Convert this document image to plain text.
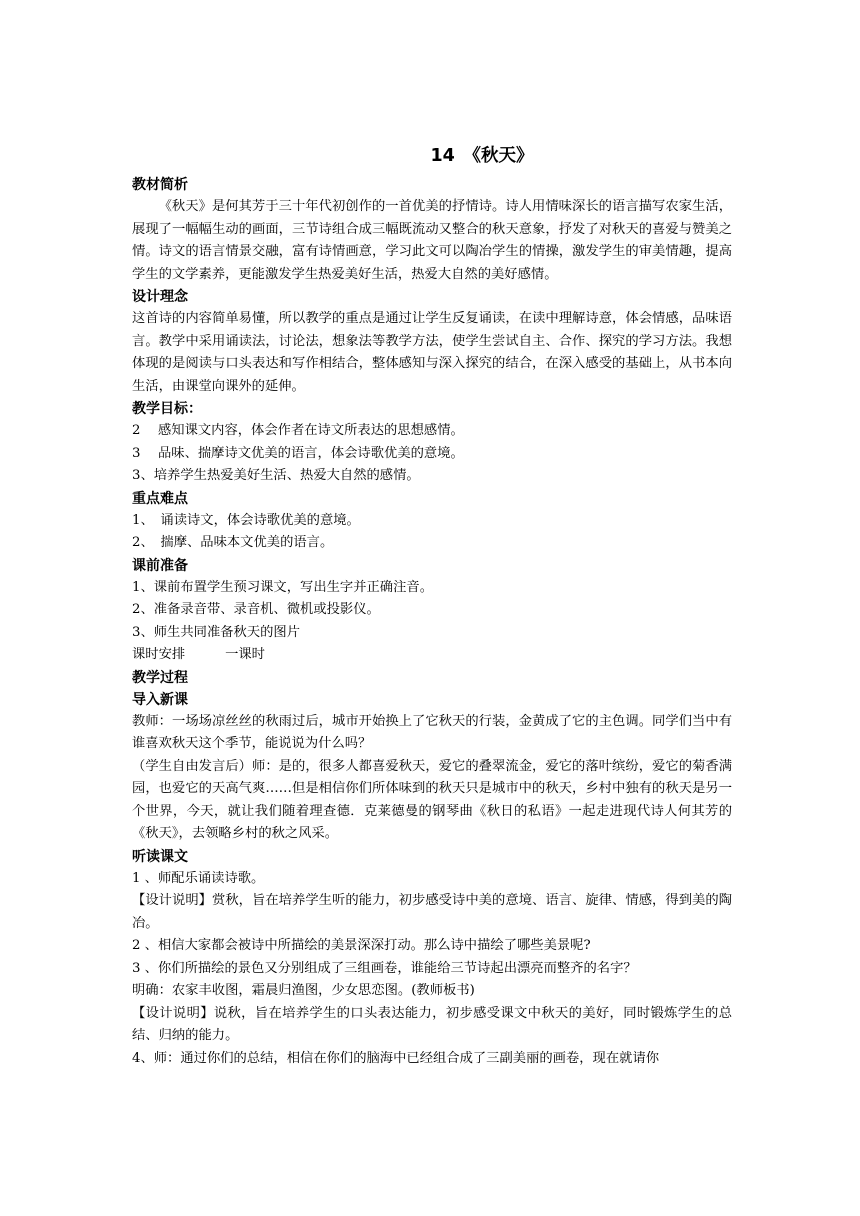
14　《秋天》
教材简析
《秋天》是何其芳于三十年代初创作的一首优美的抒情诗。诗人用情味深长的语言描写农家生活，展现了一幅幅生动的画面，三节诗组合成三幅既流动又整合的秋天意象，抒发了对秋天的喜爱与赞美之情。诗文的语言情景交融，富有诗情画意，学习此文可以陶冶学生的情操，激发学生的审美情趣，提高学生的文学素养，更能激发学生热爱美好生活，热爱大自然的美好感情。
设计理念
这首诗的内容简单易懂，所以教学的重点是通过让学生反复诵读，在读中理解诗意，体会情感，品味语言。教学中采用诵读法，讨论法，想象法等教学方法，使学生尝试自主、合作、探究的学习方法。我想体现的是阅读与口头表达和写作相结合，整体感知与深入探究的结合，在深入感受的基础上，从书本向生活，由课堂向课外的延伸。
教学目标：
2　 感知课文内容，体会作者在诗文所表达的思想感情。
3　 品味、揣摩诗文优美的语言，体会诗歌优美的意境。
3、培养学生热爱美好生活、热爱大自然的感情。
重点难点
1、　诵读诗文，体会诗歌优美的意境。
2、　揣摩、品味本文优美的语言。
课前准备
1、课前布置学生预习课文，写出生字并正确注音。
2、准备录音带、录音机、微机或投影仪。
3、师生共同准备秋天的图片
课时安排　　　一课时
教学过程
导入新课
教师：一场场凉丝丝的秋雨过后，城市开始换上了它秋天的行装，金黄成了它的主色调。同学们当中有谁喜欢秋天这个季节，能说说为什么吗？
（学生自由发言后）师：是的，很多人都喜爱秋天，爱它的叠翠流金，爱它的落叶缤纷，爱它的菊香满园，也爱它的天高气爽……但是相信你们所体味到的秋天只是城市中的秋天，乡村中独有的秋天是另一个世界，今天，就让我们随着理查德．克莱德曼的钢琴曲《秋日的私语》一起走进现代诗人何其芳的《秋天》，去领略乡村的秋之风采。
听读课文
1 、师配乐诵读诗歌。
【设计说明】赏秋，旨在培养学生听的能力，初步感受诗中美的意境、语言、旋律、情感，得到美的陶冶。
2 、相信大家都会被诗中所描绘的美景深深打动。那么诗中描绘了哪些美景呢?
3 、你们所描绘的景色又分别组成了三组画卷，谁能给三节诗起出漂亮而整齐的名字？
明确：农家丰收图，霜晨归渔图，少女思恋图。(教师板书)
【设计说明】说秋，旨在培养学生的口头表达能力，初步感受课文中秋天的美好，同时锻炼学生的总结、归纳的能力。
4、师：通过你们的总结，相信在你们的脑海中已经组合成了三副美丽的画卷，现在就请你
